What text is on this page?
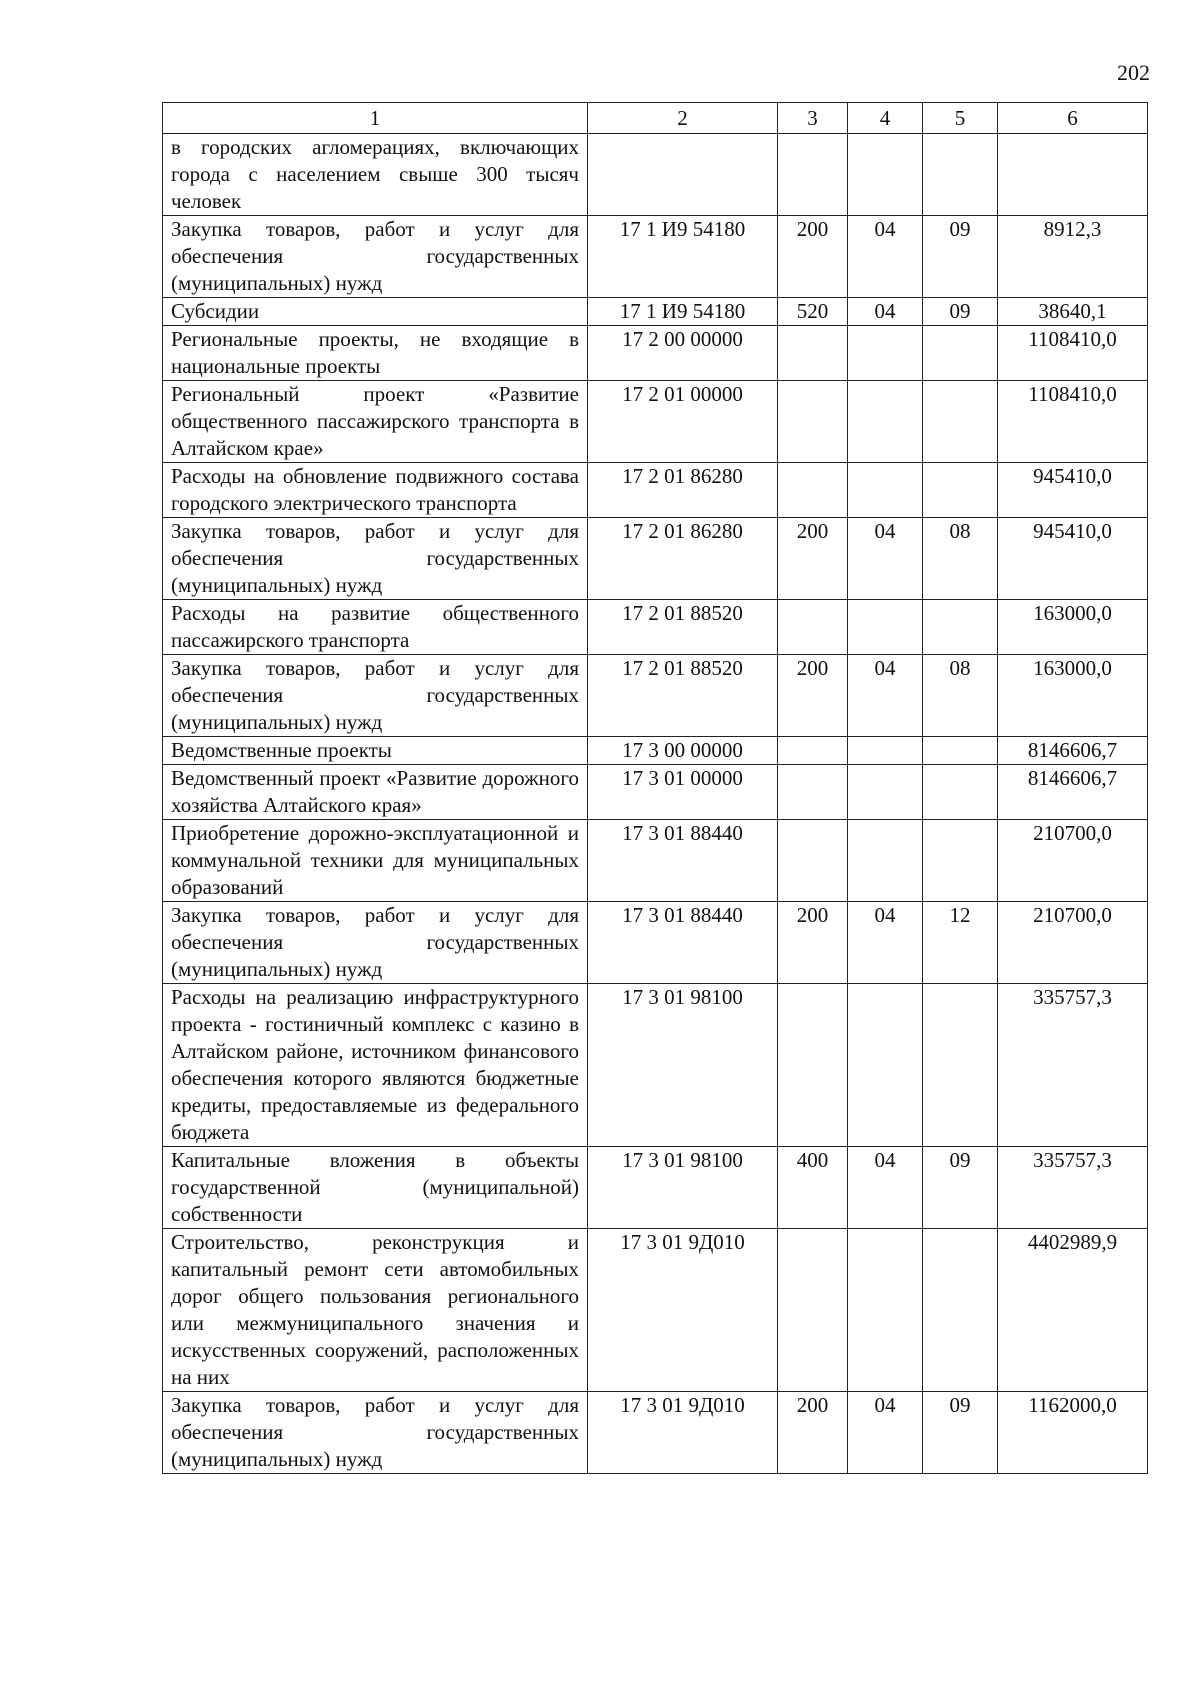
202
1	2	3	4	5	6
в городских агломерациях, включающих города с населением свыше 300 тысяч человек					
Закупка товаров, работ и услуг для обеспечения государственных (муниципальных) нужд	17 1 И9 54180	200	04	09	8912,3
Субсидии	17 1 И9 54180	520	04	09	38640,1
Региональные проекты, не входящие в национальные проекты	17 2 00 00000				1108410,0
Региональный проект «Развитие общественного пассажирского транспорта в Алтайском крае»	17 2 01 00000				1108410,0
Расходы на обновление подвижного состава городского электрического транспорта	17 2 01 86280				945410,0
Закупка товаров, работ и услуг для обеспечения государственных (муниципальных) нужд	17 2 01 86280	200	04	08	945410,0
Расходы на развитие общественного пассажирского транспорта	17 2 01 88520				163000,0
Закупка товаров, работ и услуг для обеспечения государственных (муниципальных) нужд	17 2 01 88520	200	04	08	163000,0
Ведомственные проекты	17 3 00 00000				8146606,7
Ведомственный проект «Развитие дорожного хозяйства Алтайского края»	17 3 01 00000				8146606,7
Приобретение дорожно-эксплуатационной и коммунальной техники для муниципальных образований	17 3 01 88440				210700,0
Закупка товаров, работ и услуг для обеспечения государственных (муниципальных) нужд	17 3 01 88440	200	04	12	210700,0
Расходы на реализацию инфраструктурного проекта - гостиничный комплекс с казино в Алтайском районе, источником финансового обеспечения которого являются бюджетные кредиты, предоставляемые из федерального бюджета	17 3 01 98100				335757,3
Капитальные вложения в объекты государственной (муниципальной) собственности	17 3 01 98100	400	04	09	335757,3
Строительство, реконструкция и капитальный ремонт сети автомобильных дорог общего пользования регионального или межмуниципального значения и искусственных сооружений, расположенных на них	17 3 01 9Д010				4402989,9
Закупка товаров, работ и услуг для обеспечения государственных (муниципальных) нужд	17 3 01 9Д010	200	04	09	1162000,0
